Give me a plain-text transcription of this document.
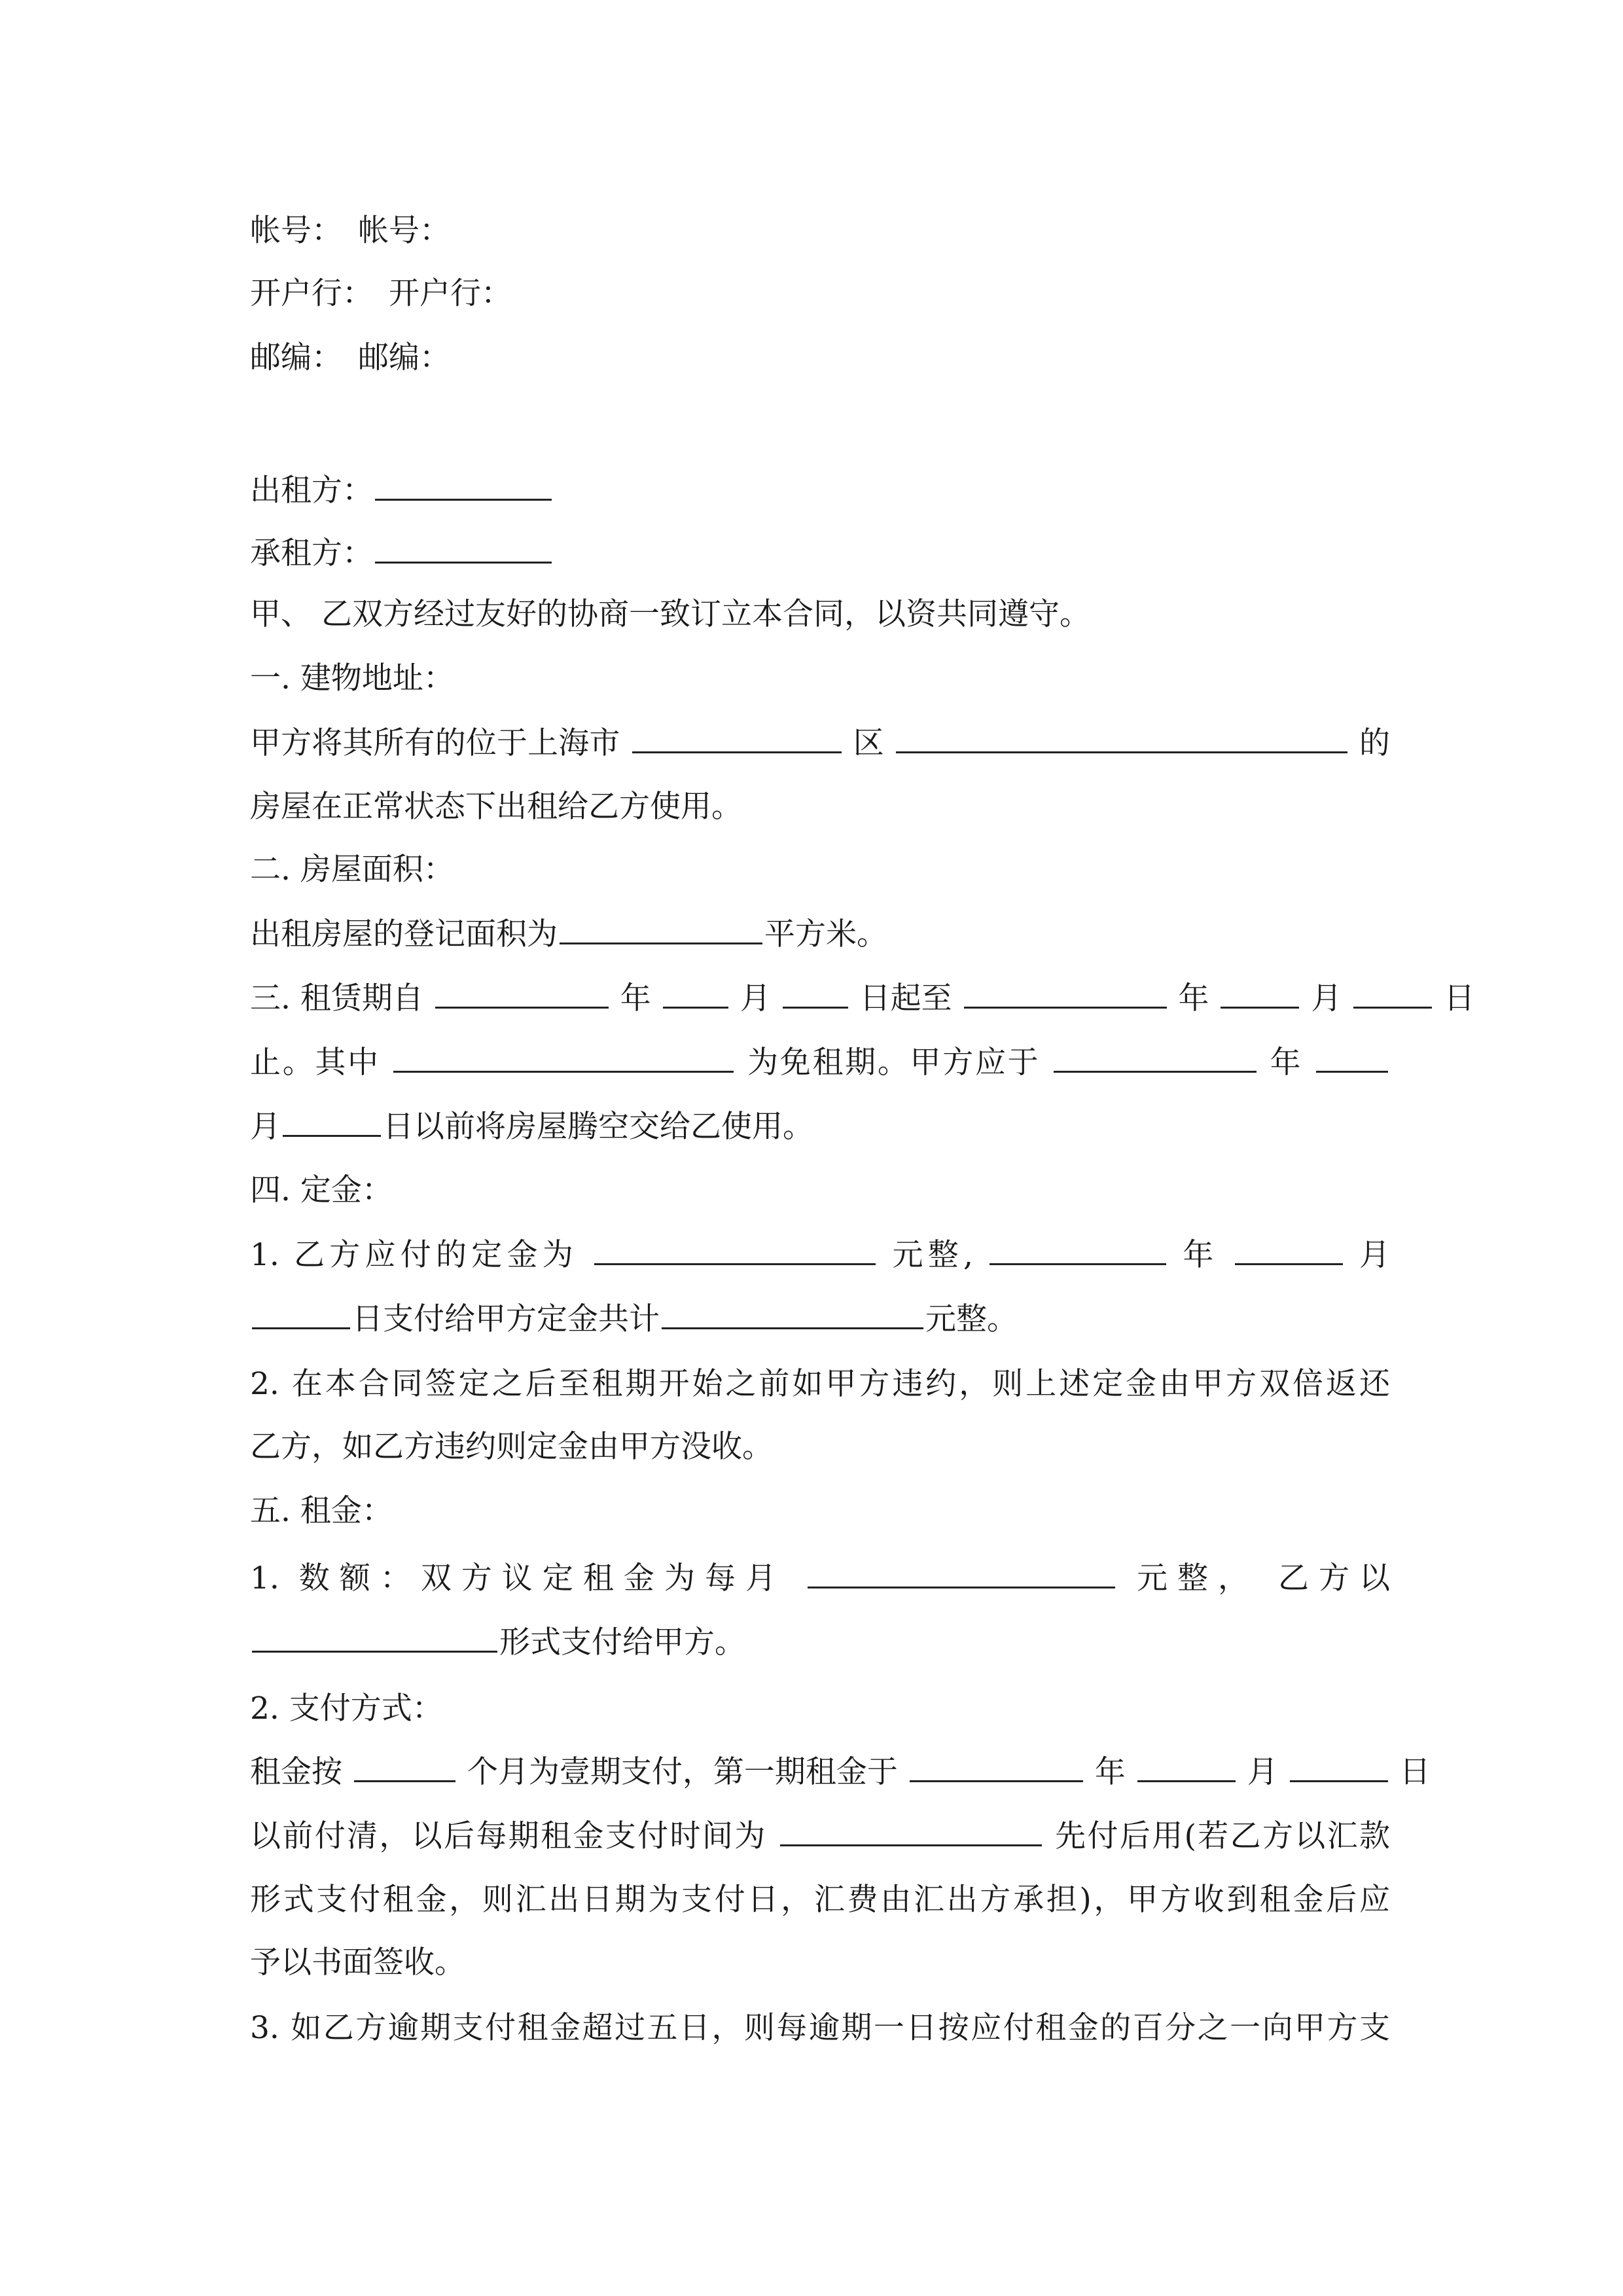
帐号： 帐号：

开户行： 开户行：

邮编： 邮编：

出租方：

承租方：

甲、 乙双方经过友好的协商一致订立本合同，以资共同遵守。

一. 建物地址：

甲方将其所有的位于上海市	区	的

房屋在正常状态下出租给乙方使用。

二. 房屋面积：

出租房屋的登记面积为	平方米。

三. 租赁期自	年	月	日起至	年	月	日

止。其中	为免租期。甲方应于	年

月	日以前将房屋腾空交给乙使用。

四. 定金：

1. 乙方应付的定金为	元整,	年	月

日支付给甲方定金共计	元整。

2. 在本合同签定之后至租期开始之前如甲方违约，则上述定金由甲方双倍返还

乙方，如乙方违约则定金由甲方没收。

五. 租金：

1. 数额：双方议定租金为每月	元整， 乙方以

形式支付给甲方。

2. 支付方式：

租金按	个月为壹期支付，第一期租金于	年	月	日

以前付清，以后每期租金支付时间为	先付后用(若乙方以汇款

形式支付租金，则汇出日期为支付日，汇费由汇出方承担)，甲方收到租金后应

予以书面签收。

3. 如乙方逾期支付租金超过五日，则每逾期一日按应付租金的百分之一向甲方支
